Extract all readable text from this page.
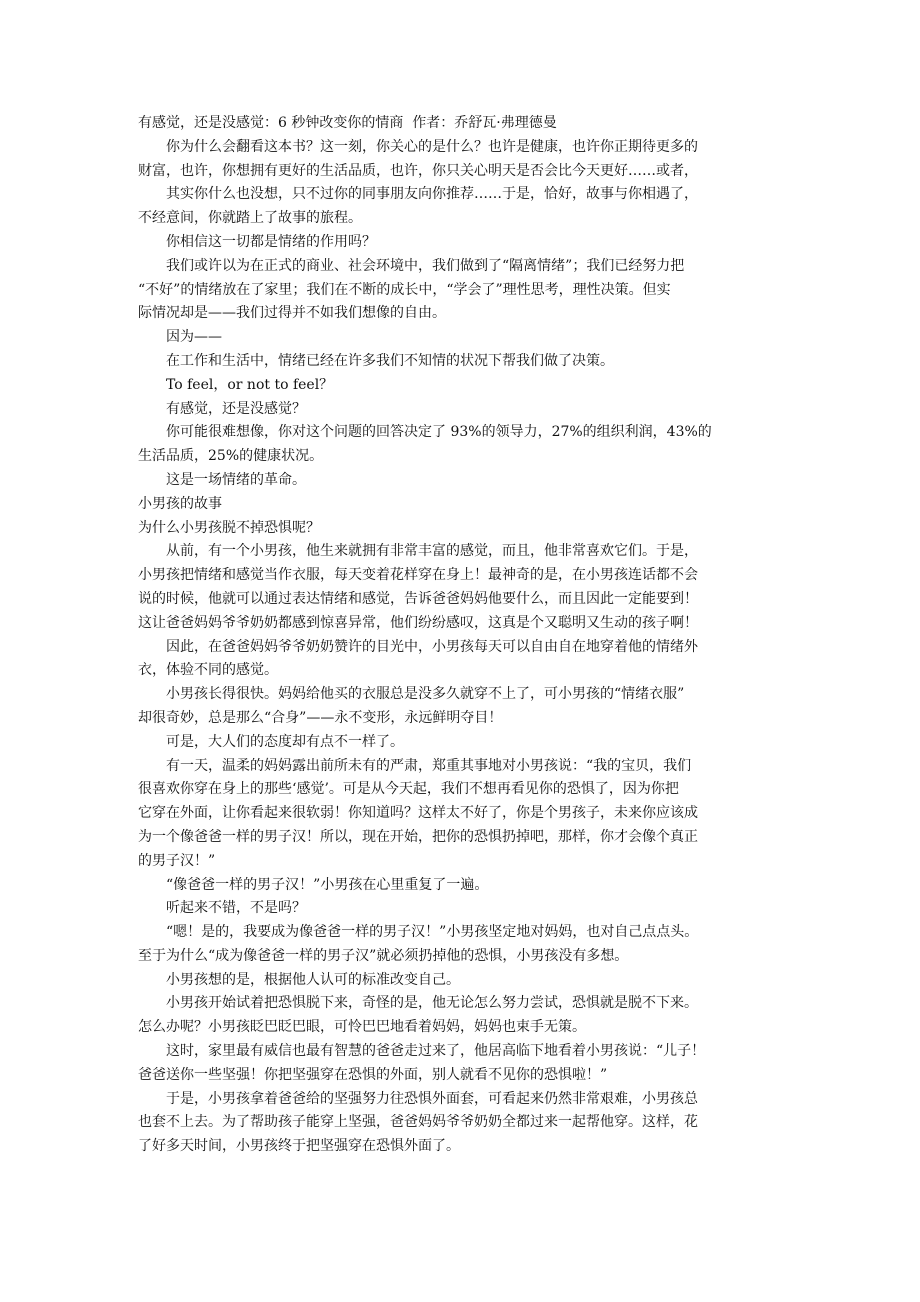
有感觉，还是没感觉：6 秒钟改变你的情商  作者：乔舒瓦·弗理德曼
你为什么会翻看这本书？这一刻，你关心的是什么？也许是健康，也许你正期待更多的
财富，也许，你想拥有更好的生活品质，也许，你只关心明天是否会比今天更好……或者，
其实你什么也没想，只不过你的同事朋友向你推荐……于是，恰好，故事与你相遇了，
不经意间，你就踏上了故事的旅程。
你相信这一切都是情绪的作用吗？
我们或许以为在正式的商业、社会环境中，我们做到了“隔离情绪”；我们已经努力把
“不好”的情绪放在了家里；我们在不断的成长中，“学会了”理性思考，理性决策。但实
际情况却是——我们过得并不如我们想像的自由。
因为——
在工作和生活中，情绪已经在许多我们不知情的状况下帮我们做了决策。
To feel，or not to feel？
有感觉，还是没感觉？
你可能很难想像，你对这个问题的回答决定了 93%的领导力，27%的组织利润，43%的
生活品质，25%的健康状况。
这是一场情绪的革命。
小男孩的故事
为什么小男孩脱不掉恐惧呢？
从前，有一个小男孩，他生来就拥有非常丰富的感觉，而且，他非常喜欢它们。于是，
小男孩把情绪和感觉当作衣服，每天变着花样穿在身上！最神奇的是，在小男孩连话都不会
说的时候，他就可以通过表达情绪和感觉，告诉爸爸妈妈他要什么，而且因此一定能要到！
这让爸爸妈妈爷爷奶奶都感到惊喜异常，他们纷纷感叹，这真是个又聪明又生动的孩子啊！
因此，在爸爸妈妈爷爷奶奶赞许的目光中，小男孩每天可以自由自在地穿着他的情绪外
衣，体验不同的感觉。
小男孩长得很快。妈妈给他买的衣服总是没多久就穿不上了，可小男孩的“情绪衣服”
却很奇妙，总是那么“合身”——永不变形，永远鲜明夺目！
可是，大人们的态度却有点不一样了。
有一天，温柔的妈妈露出前所未有的严肃，郑重其事地对小男孩说：“我的宝贝，我们
很喜欢你穿在身上的那些‘感觉’。可是从今天起，我们不想再看见你的恐惧了，因为你把
它穿在外面，让你看起来很软弱！你知道吗？这样太不好了，你是个男孩子，未来你应该成
为一个像爸爸一样的男子汉！所以，现在开始，把你的恐惧扔掉吧，那样，你才会像个真正
的男子汉！”
“像爸爸一样的男子汉！”小男孩在心里重复了一遍。
听起来不错，不是吗？
“嗯！是的，我要成为像爸爸一样的男子汉！”小男孩坚定地对妈妈，也对自己点点头。
至于为什么“成为像爸爸一样的男子汉”就必须扔掉他的恐惧，小男孩没有多想。
小男孩想的是，根据他人认可的标准改变自己。
小男孩开始试着把恐惧脱下来，奇怪的是，他无论怎么努力尝试，恐惧就是脱不下来。
怎么办呢？小男孩眨巴眨巴眼，可怜巴巴地看着妈妈，妈妈也束手无策。
这时，家里最有威信也最有智慧的爸爸走过来了，他居高临下地看着小男孩说：“儿子！
爸爸送你一些坚强！你把坚强穿在恐惧的外面，别人就看不见你的恐惧啦！”
于是，小男孩拿着爸爸给的坚强努力往恐惧外面套，可看起来仍然非常艰难，小男孩总
也套不上去。为了帮助孩子能穿上坚强，爸爸妈妈爷爷奶奶全都过来一起帮他穿。这样，花
了好多天时间，小男孩终于把坚强穿在恐惧外面了。
